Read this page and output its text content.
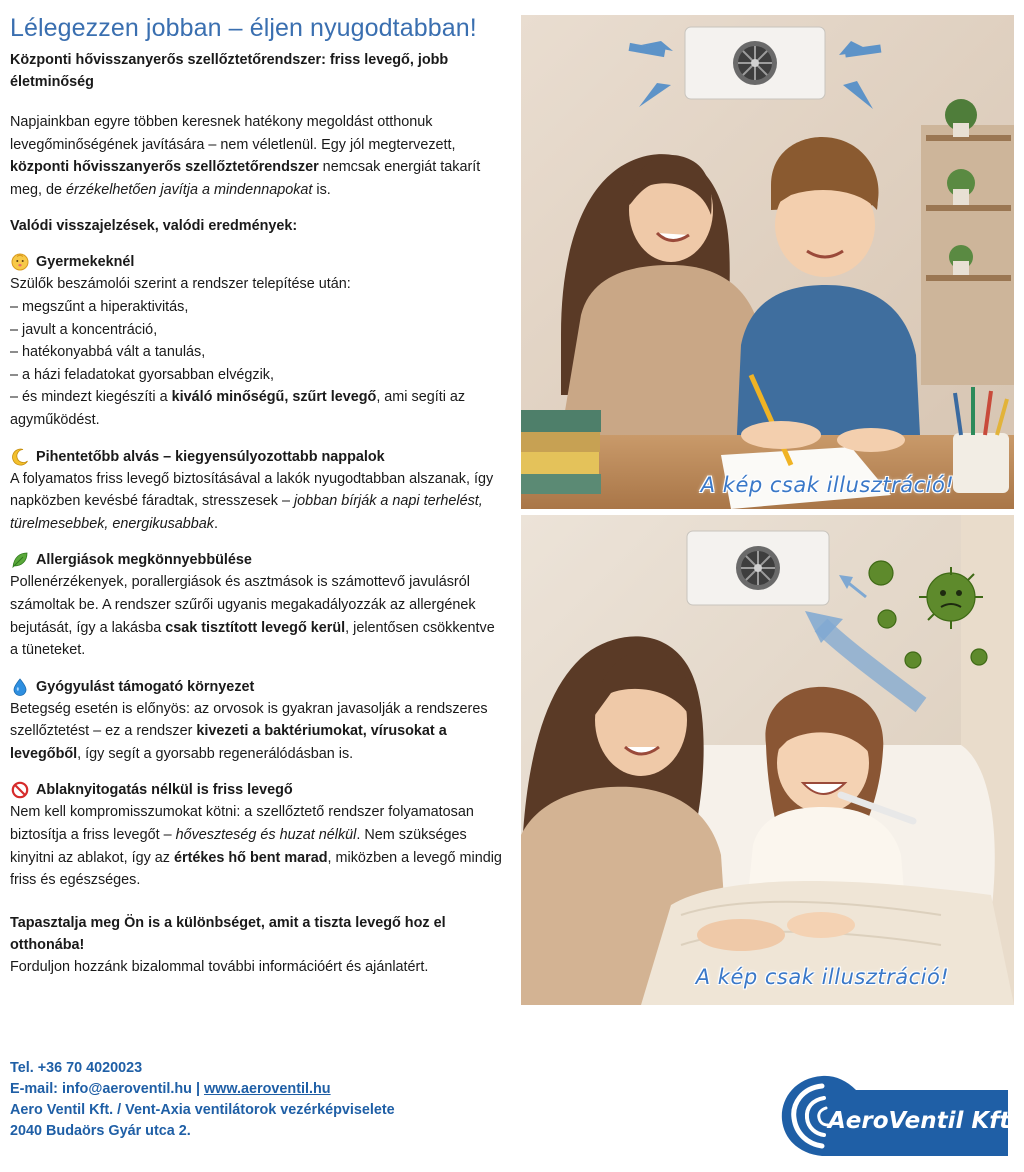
Lélegezzen jobban – éljen nyugodtabban!
Központi hővisszanyerős szellőztetőrendszer: friss levegő, jobb életminőség

Napjainkban egyre többen keresnek hatékony megoldást otthonuk levegőminőségének javítására – nem véletlenül. Egy jól megtervezett, központi hővisszanyerős szellőztetőrendszer nemcsak energiát takarít meg, de érzékelhetően javítja a mindennapokat is.

Valódi visszajelzések, valódi eredmények:
Gyermekeknél

Szülők beszámolói szerint a rendszer telepítése után:

– megszűnt a hiperaktivitás,

– javult a koncentráció,

– hatékonyabbá vált a tanulás,

– a házi feladatokat gyorsabban elvégzik,

– és mindezt kiegészíti a kiváló minőségű, szűrt levegő, ami segíti az agyműködést.

Pihentetőbb alvás – kiegyensúlyozottabb nappalok

A folyamatos friss levegő biztosításával a lakók nyugodtabban alszanak, így napközben kevésbé fáradtak, stresszesek – jobban bírják a napi terhelést, türelmesebbek, energikusabbak.

Allergiások megkönnyebbülése

Pollenérzékenyek, porallergiások és asztmások is számottevő javulásról számoltak be. A rendszer szűrői ugyanis megakadályozzák az allergének bejutását, így a lakásba csak tisztított levegő kerül, jelentősen csökkentve a tüneteket.

Gyógyulást támogató környezet

Betegség esetén is előnyös: az orvosok is gyakran javasolják a rendszeres szellőztetést – ez a rendszer kivezeti a baktériumokat, vírusokat a levegőből, így segít a gyorsabb regenerálódásban is.

Ablaknyitogatás nélkül is friss levegő

Nem kell kompromisszumokat kötni: a szellőztető rendszer folyamatosan biztosítja a friss levegőt – hőveszteség és huzat nélkül. Nem szükséges kinyitni az ablakot, így az értékes hő bent marad, miközben a levegő mindig friss és egészséges.

Tapasztalja meg Ön is a különbséget, amit a tiszta levegő hoz el otthonába!

Forduljon hozzánk bizalommal további információért és ajánlatért.

A kép csak illusztráció!
A kép csak illusztráció!
Tel. +36 70 4020023
E-mail: info@aeroventil.hu | www.aeroventil.hu
Aero Ventil Kft. / Vent-Axia ventilátorok vezérképviselete
2040 Budaörs Gyár utca 2.	AeroVentil Kft
